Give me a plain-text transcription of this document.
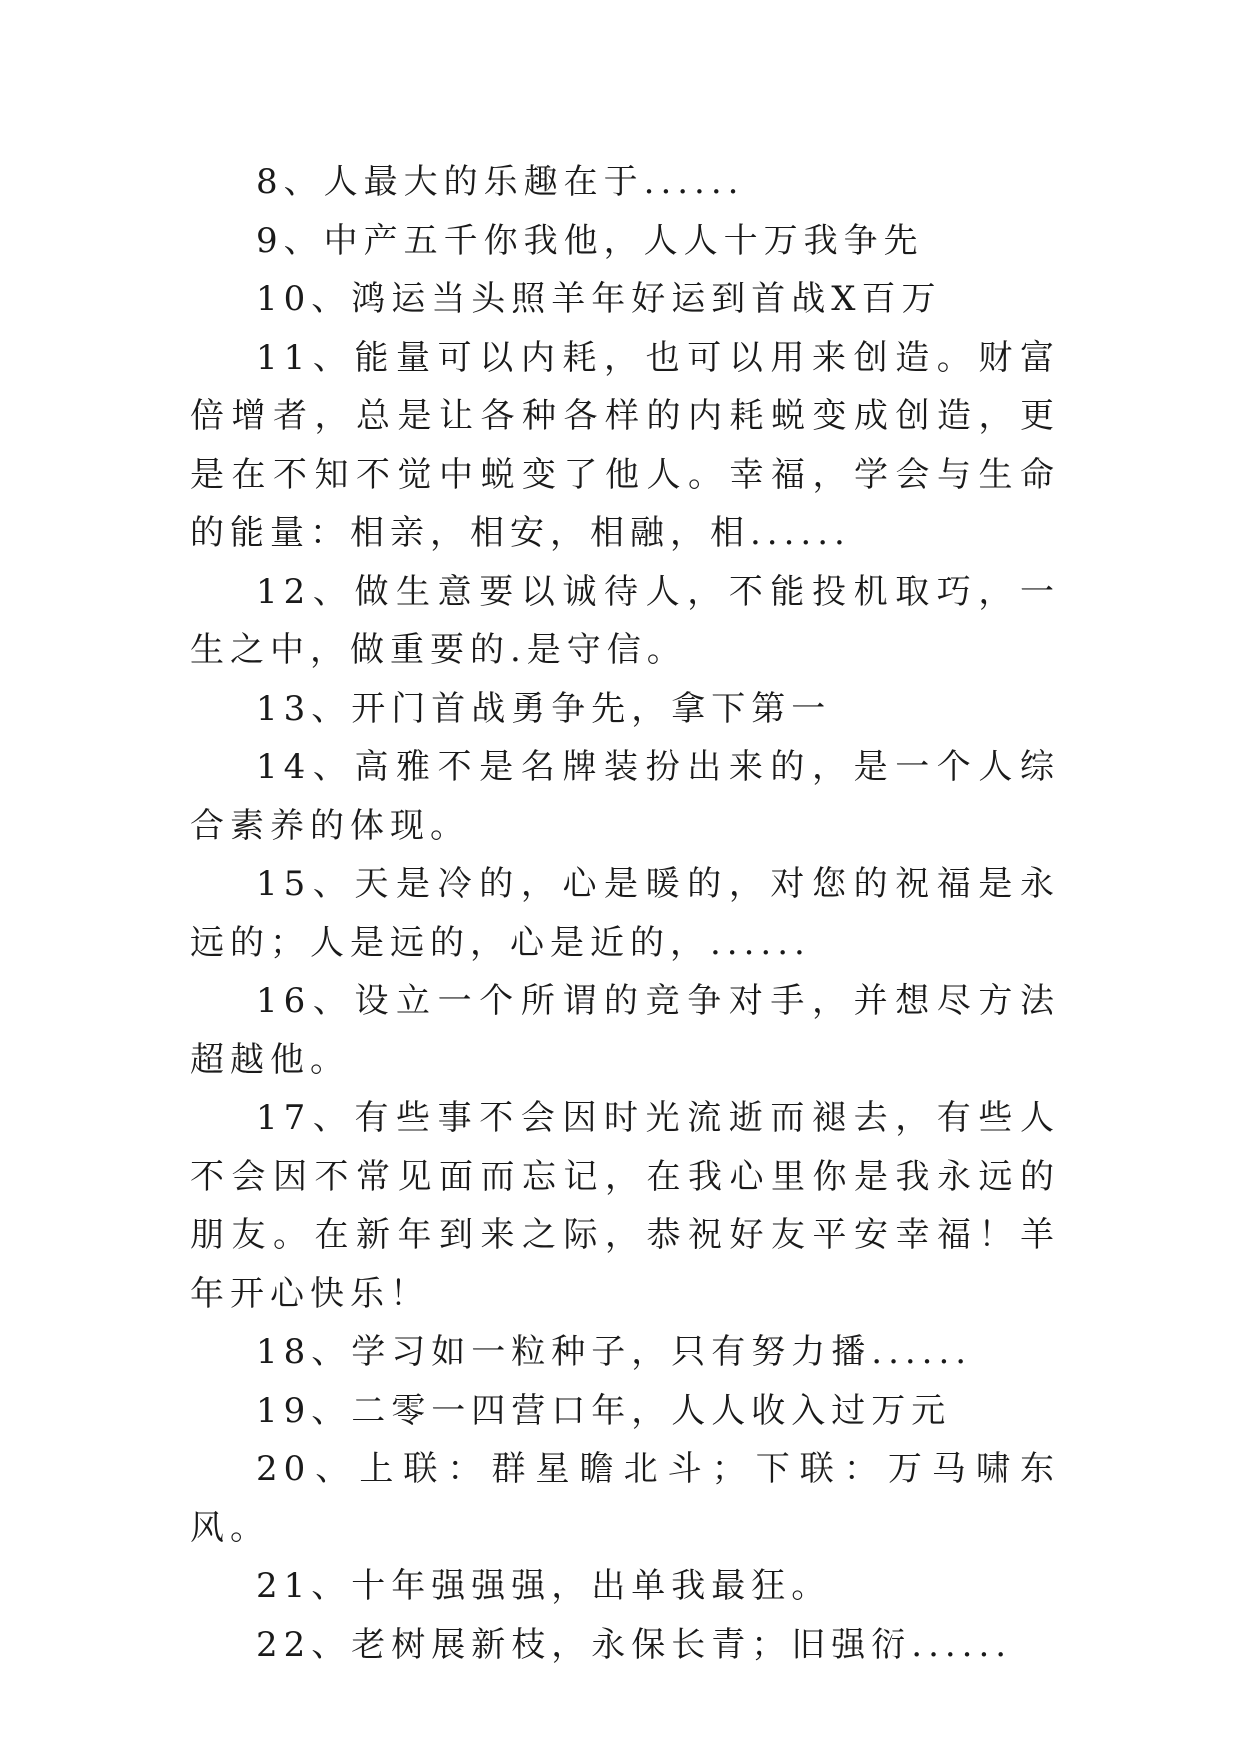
8、人最大的乐趣在于......

9、中产五千你我他，人人十万我争先

10、鸿运当头照羊年好运到首战X百万

11、能量可以内耗，也可以用来创造。财富倍增者，总是让各种各样的内耗蜕变成创造，更是在不知不觉中蜕变了他人。幸福，学会与生命的能量：相亲，相安，相融，相......

12、做生意要以诚待人，不能投机取巧，一生之中，做重要的.是守信。

13、开门首战勇争先，拿下第一

14、高雅不是名牌装扮出来的，是一个人综合素养的体现。

15、天是冷的，心是暖的，对您的祝福是永远的；人是远的，心是近的，......

16、设立一个所谓的竞争对手，并想尽方法超越他。

17、有些事不会因时光流逝而褪去，有些人不会因不常见面而忘记，在我心里你是我永远的朋友。在新年到来之际，恭祝好友平安幸福！羊年开心快乐！

18、学习如一粒种子，只有努力播......

19、二零一四营口年，人人收入过万元

20、上联：群星瞻北斗；下联：万马啸东风。

21、十年强强强，出单我最狂。

22、老树展新枝，永保长青；旧强衍......
